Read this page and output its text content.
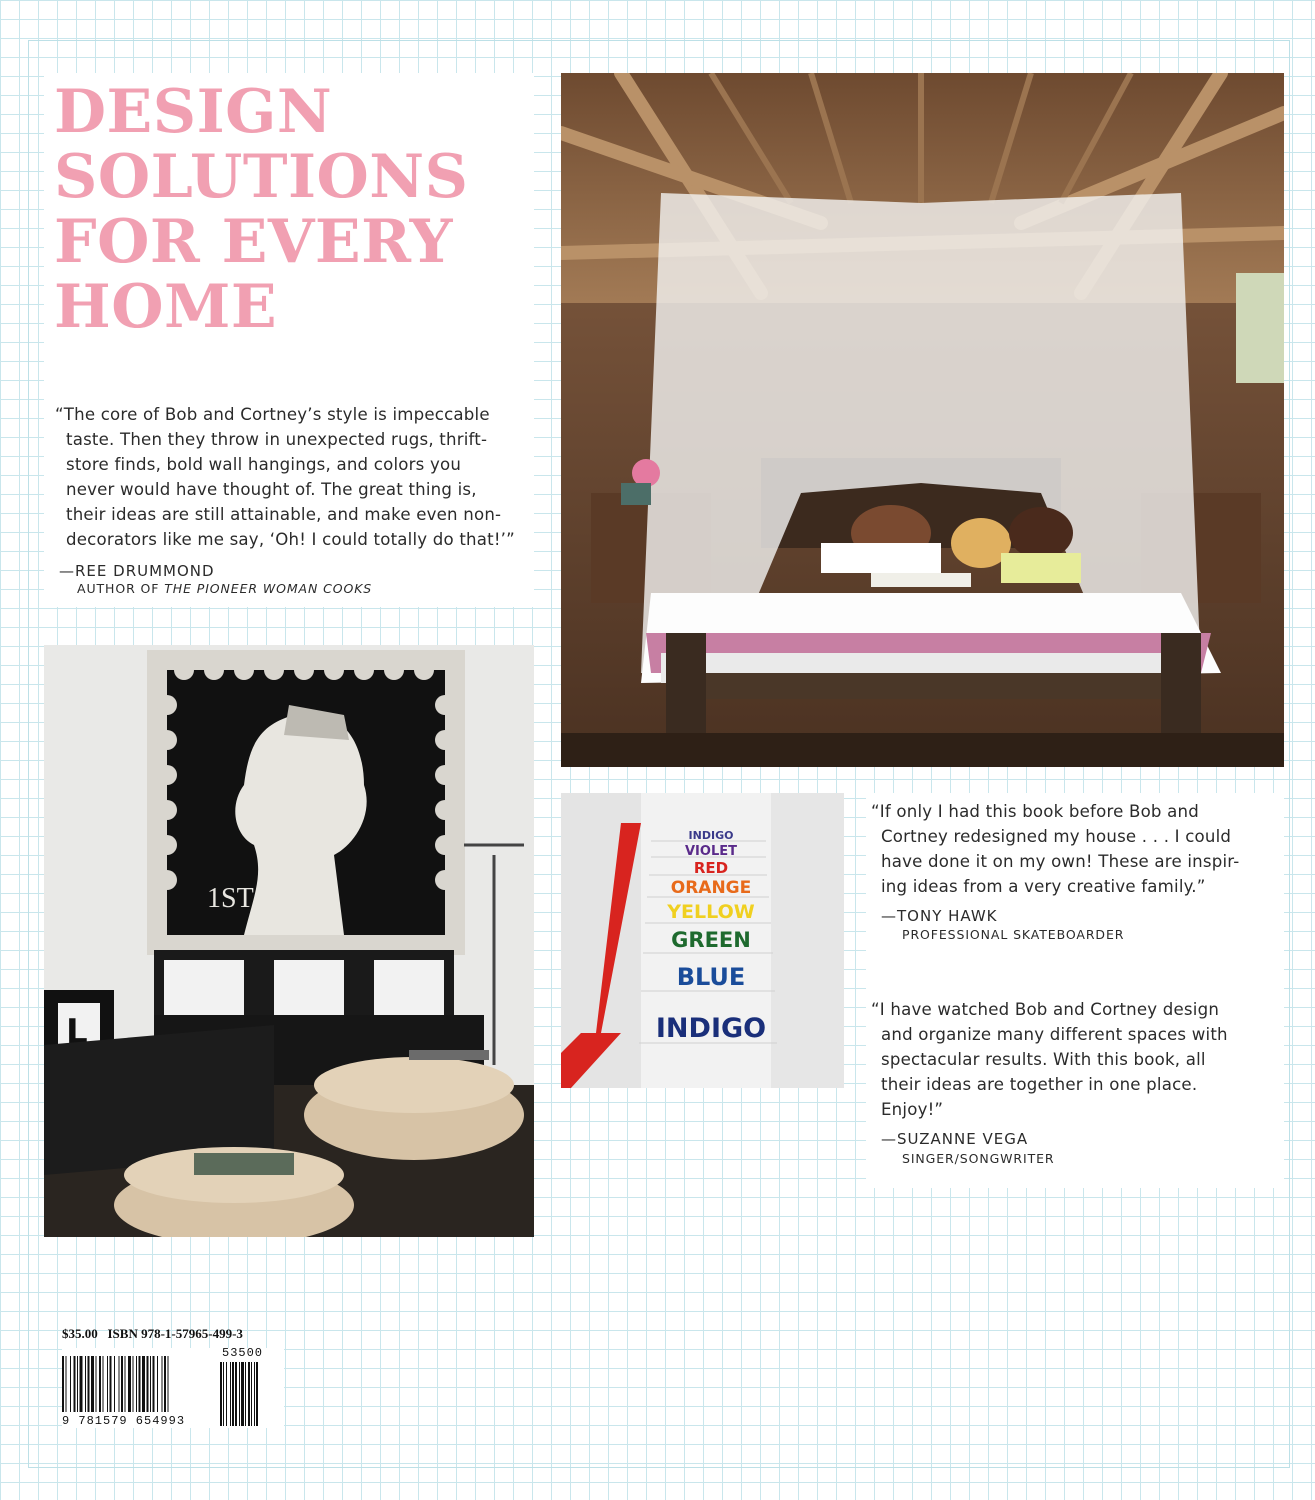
DESIGN
SOLUTIONS
FOR EVERY
HOME
“The core of Bob and Cortney’s style is impeccable
taste. Then they throw in unexpected rugs, thrift-
store finds, bold wall hangings, and colors you
never would have thought of. The great thing is,
their ideas are still attainable, and make even non-
decorators like me say, ‘Oh! I could totally do that!’”
—REE DRUMMOND
AUTHOR OF THE PIONEER WOMAN COOKS
1ST
L
INDIGO
VIOLET
RED
ORANGE
YELLOW
GREEN
BLUE
INDIGO
“If only I had this book before Bob and
Cortney redesigned my house . . . I could
have done it on my own! These are inspir-
ing ideas from a very creative family.”
—TONY HAWK
PROFESSIONAL SKATEBOARDER
“I have watched Bob and Cortney design
and organize many different spaces with
spectacular results. With this book, all
their ideas are together in one place.
Enjoy!”
—SUZANNE VEGA
SINGER/SONGWRITER
$35.00 ISBN 978-1-57965-499-3
9 781579 654993
53500
